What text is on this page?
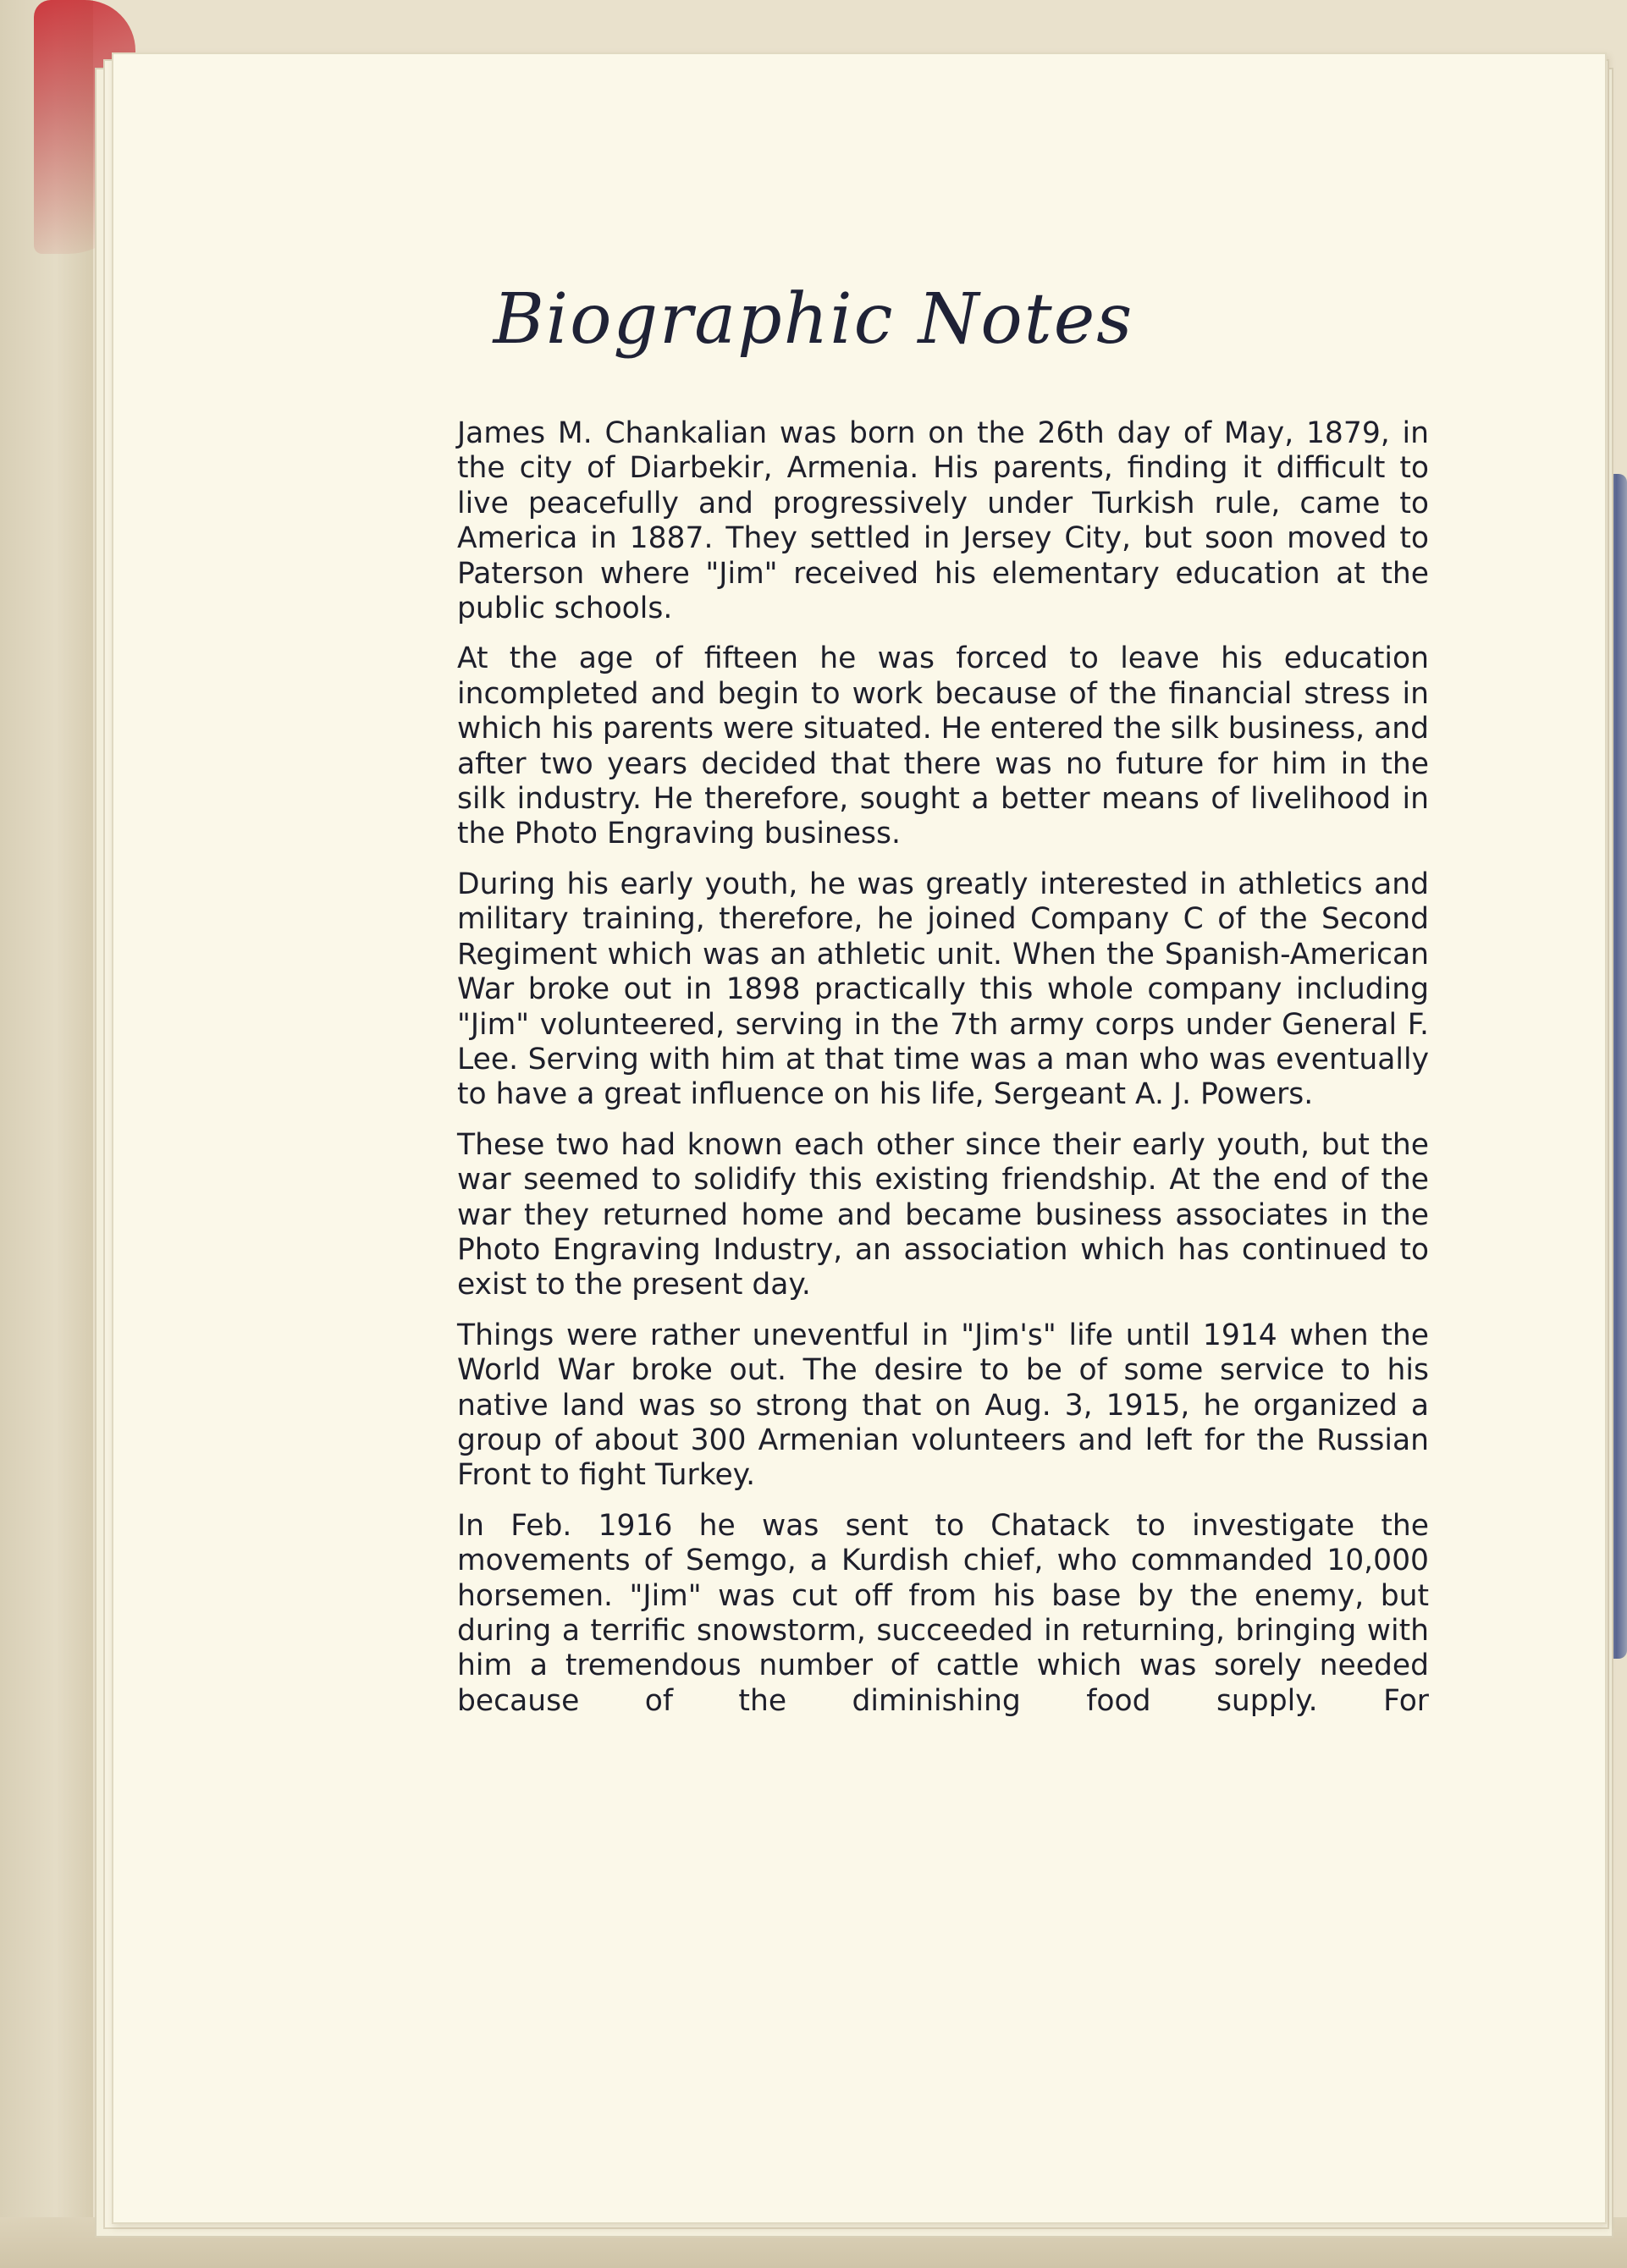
Biographic Notes

James M. Chankalian was born on the 26th day of May, 1879, in the city of Diarbekir, Armenia. His parents, finding it difficult to live peacefully and progressively under Turkish rule, came to America in 1887. They settled in Jersey City, but soon moved to Paterson where "Jim" received his elementary education at the public schools.

At the age of fifteen he was forced to leave his education incompleted and begin to work because of the financial stress in which his parents were situated. He entered the silk business, and after two years decided that there was no future for him in the silk industry. He therefore, sought a better means of livelihood in the Photo Engraving business.

During his early youth, he was greatly interested in athletics and military training, therefore, he joined Company C of the Second Regiment which was an athletic unit. When the Spanish-American War broke out in 1898 practically this whole company including "Jim" volunteered, serving in the 7th army corps under General F. Lee. Serving with him at that time was a man who was eventually to have a great influence on his life, Sergeant A. J. Powers.

These two had known each other since their early youth, but the war seemed to solidify this existing friendship. At the end of the war they returned home and became business associates in the Photo Engraving Industry, an association which has continued to exist to the present day.

Things were rather uneventful in "Jim's" life until 1914 when the World War broke out. The desire to be of some service to his native land was so strong that on Aug. 3, 1915, he organized a group of about 300 Armenian volunteers and left for the Russian Front to fight Turkey.

In Feb. 1916 he was sent to Chatack to investigate the movements of Semgo, a Kurdish chief, who commanded 10,000 horsemen. "Jim" was cut off from his base by the enemy, but during a terrific snowstorm, succeeded in returning, bringing with him a tremendous number of cattle which was sorely needed because of the diminishing food supply. For
